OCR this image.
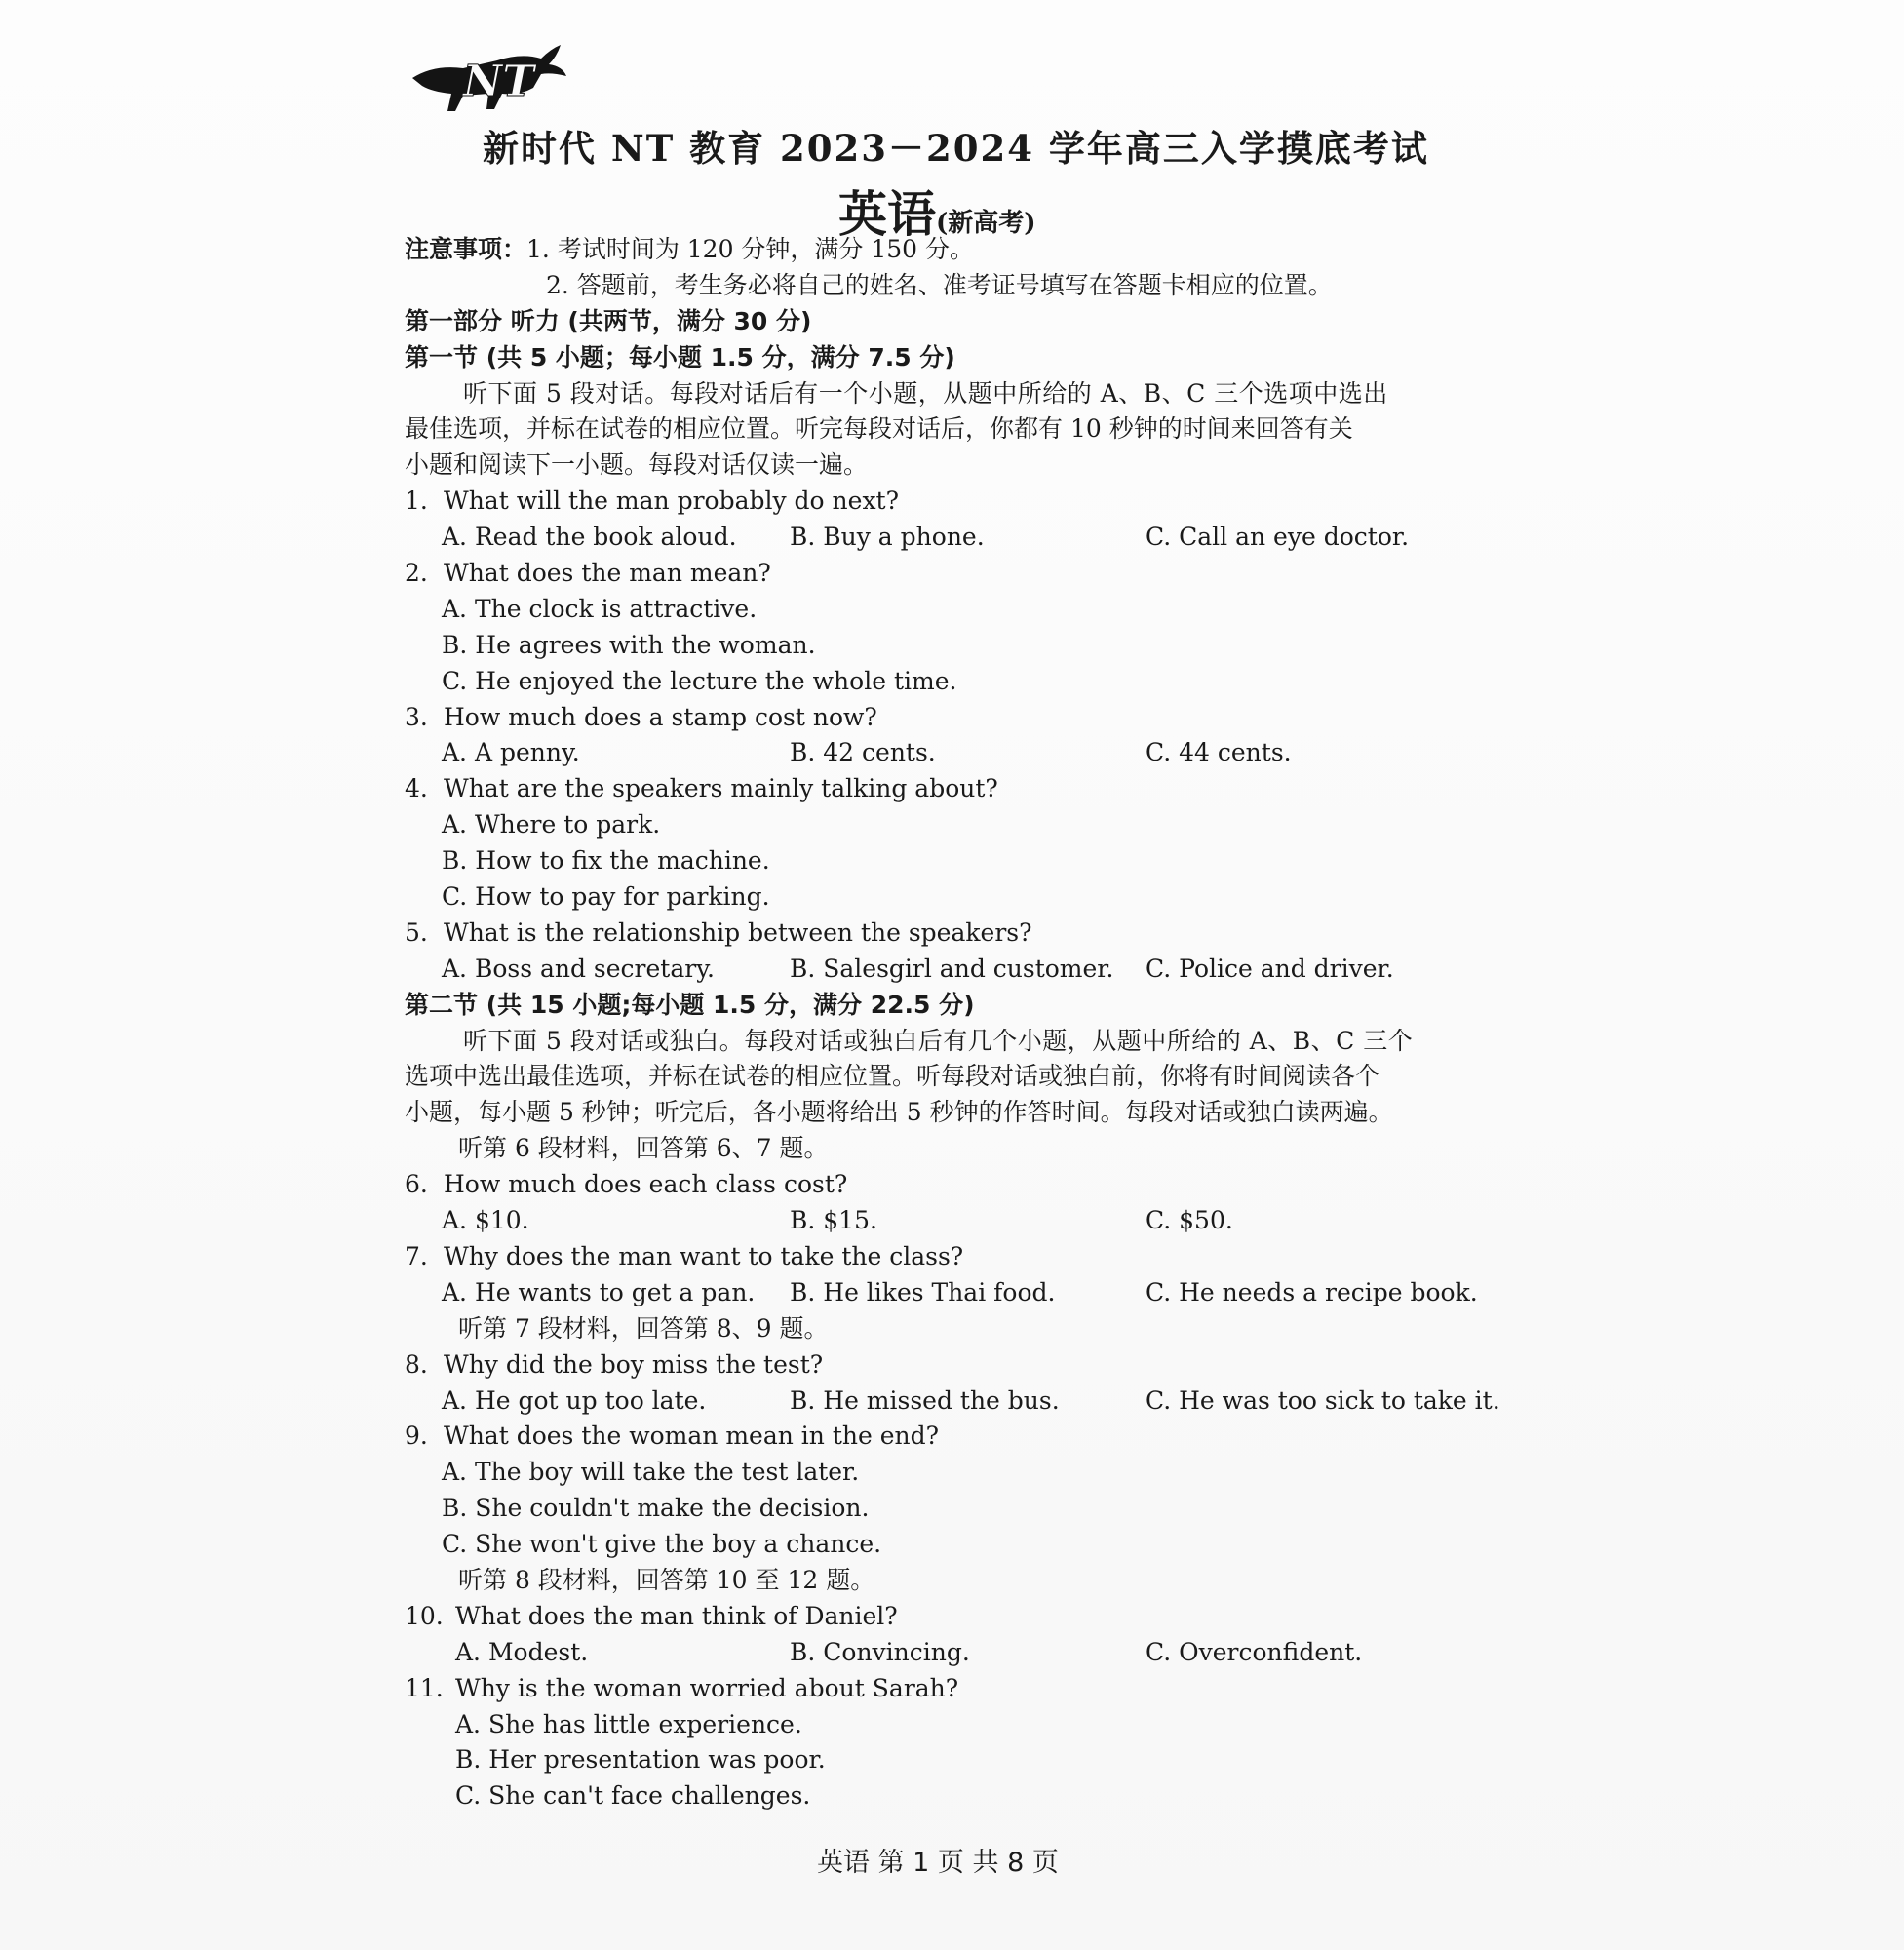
NT
新时代 NT 教育 2023－2024 学年高三入学摸底考试
英语(新高考)
注意事项：1. 考试时间为 120 分钟，满分 150 分。
2. 答题前，考生务必将自己的姓名、准考证号填写在答题卡相应的位置。
第一部分 听力 (共两节，满分 30 分)
第一节 (共 5 小题；每小题 1.5 分，满分 7.5 分)
听下面 5 段对话。每段对话后有一个小题，从题中所给的 A、B、C 三个选项中选出
最佳选项，并标在试卷的相应位置。听完每段对话后，你都有 10 秒钟的时间来回答有关
小题和阅读下一小题。每段对话仅读一遍。
1. What will the man probably do next?
A. Read the book aloud. B. Buy a phone.	C. Call an eye doctor.
2. What does the man mean?
A. The clock is attractive.
B. He agrees with the woman.
C. He enjoyed the lecture the whole time.
3. How much does a stamp cost now?
A. A penny.	B. 42 cents.	C. 44 cents.
4. What are the speakers mainly talking about?
A. Where to park.
B. How to fix the machine.
C. How to pay for parking.
5. What is the relationship between the speakers?
A. Boss and secretary.	B. Salesgirl and customer. C. Police and driver.
第二节 (共 15 小题;每小题 1.5 分，满分 22.5 分)
听下面 5 段对话或独白。每段对话或独白后有几个小题，从题中所给的 A、B、C 三个
选项中选出最佳选项，并标在试卷的相应位置。听每段对话或独白前，你将有时间阅读各个
小题，每小题 5 秒钟；听完后，各小题将给出 5 秒钟的作答时间。每段对话或独白读两遍。
听第 6 段材料，回答第 6、7 题。
6. How much does each class cost?
A. $10.	B. $15.	C. $50.
7. Why does the man want to take the class?
A. He wants to get a pan. B. He likes Thai food.	C. He needs a recipe book.
听第 7 段材料，回答第 8、9 题。
8. Why did the boy miss the test?
A. He got up too late.	B. He missed the bus.	C. He was too sick to take it.
9. What does the woman mean in the end?
A. The boy will take the test later.
B. She couldn't make the decision.
C. She won't give the boy a chance.
听第 8 段材料，回答第 10 至 12 题。
10. What does the man think of Daniel?
A. Modest.	B. Convincing.	C. Overconfident.
11. Why is the woman worried about Sarah?
A. She has little experience.
B. Her presentation was poor.
C. She can't face challenges.
英语 第 1 页 共 8 页
